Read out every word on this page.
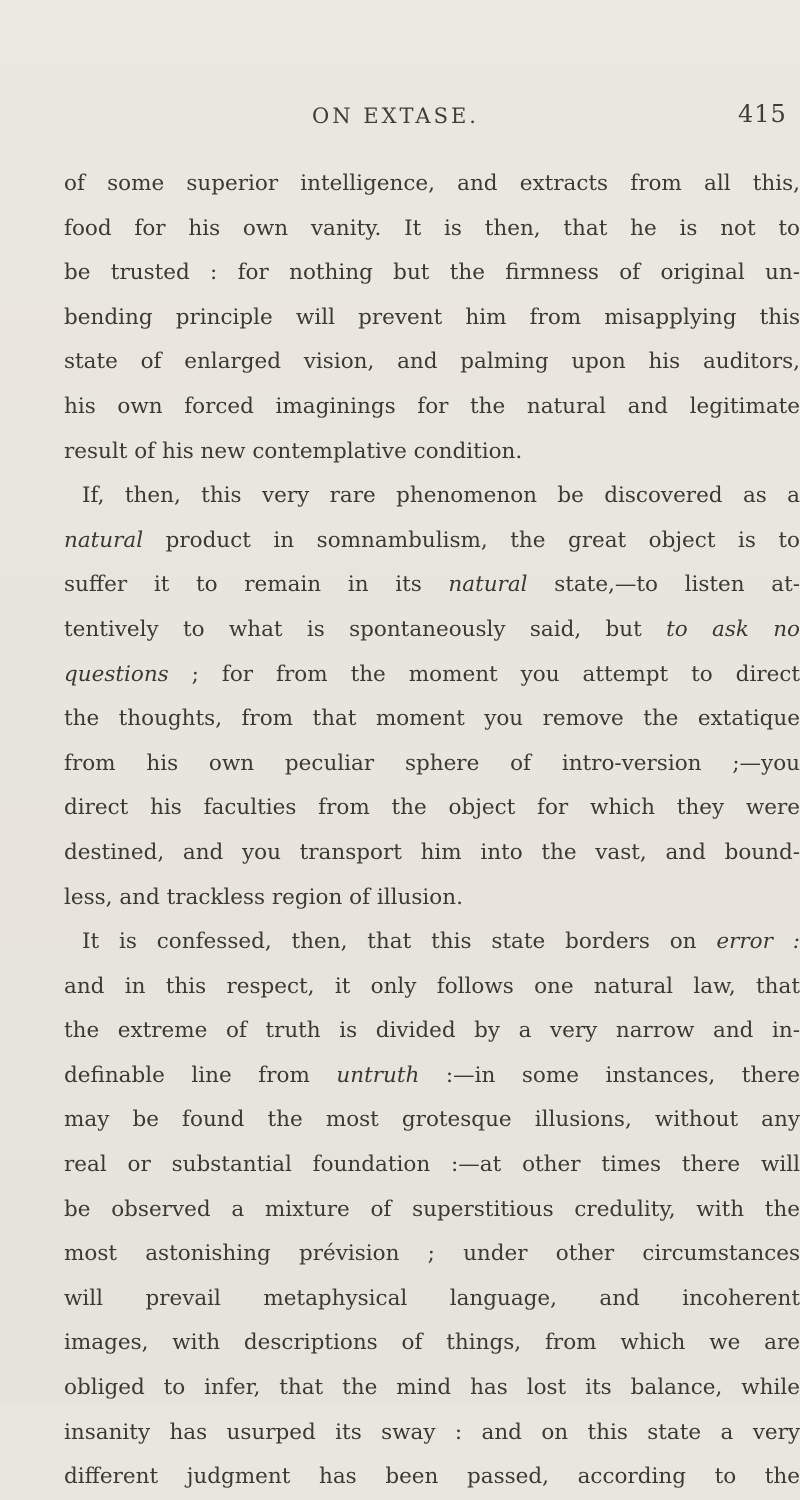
ON EXTASE.	415
of some superior intelligence, and extracts from all this,
food for his own vanity. It is then, that he is not to
be trusted : for nothing but the firmness of original un-
bending principle will prevent him from misapplying this
state of enlarged vision, and palming upon his auditors,
his own forced imaginings for the natural and legitimate
result of his new contemplative condition.
If, then, this very rare phenomenon be discovered as a
natural product in somnambulism, the great object is to
suffer it to remain in its natural state,—to listen at-
tentively to what is spontaneously said, but to ask no
questions ; for from the moment you attempt to direct
the thoughts, from that moment you remove the extatique
from his own peculiar sphere of intro-version ;—you
direct his faculties from the object for which they were
destined, and you transport him into the vast, and bound-
less, and trackless region of illusion.
It is confessed, then, that this state borders on error :
and in this respect, it only follows one natural law, that
the extreme of truth is divided by a very narrow and in-
definable line from untruth :—in some instances, there
may be found the most grotesque illusions, without any
real or substantial foundation :—at other times there will
be observed a mixture of superstitious credulity, with the
most astonishing prévision ; under other circumstances
will prevail metaphysical language, and incoherent
images, with descriptions of things, from which we are
obliged to infer, that the mind has lost its balance, while
insanity has usurped its sway : and on this state a very
different judgment has been passed, according to the
